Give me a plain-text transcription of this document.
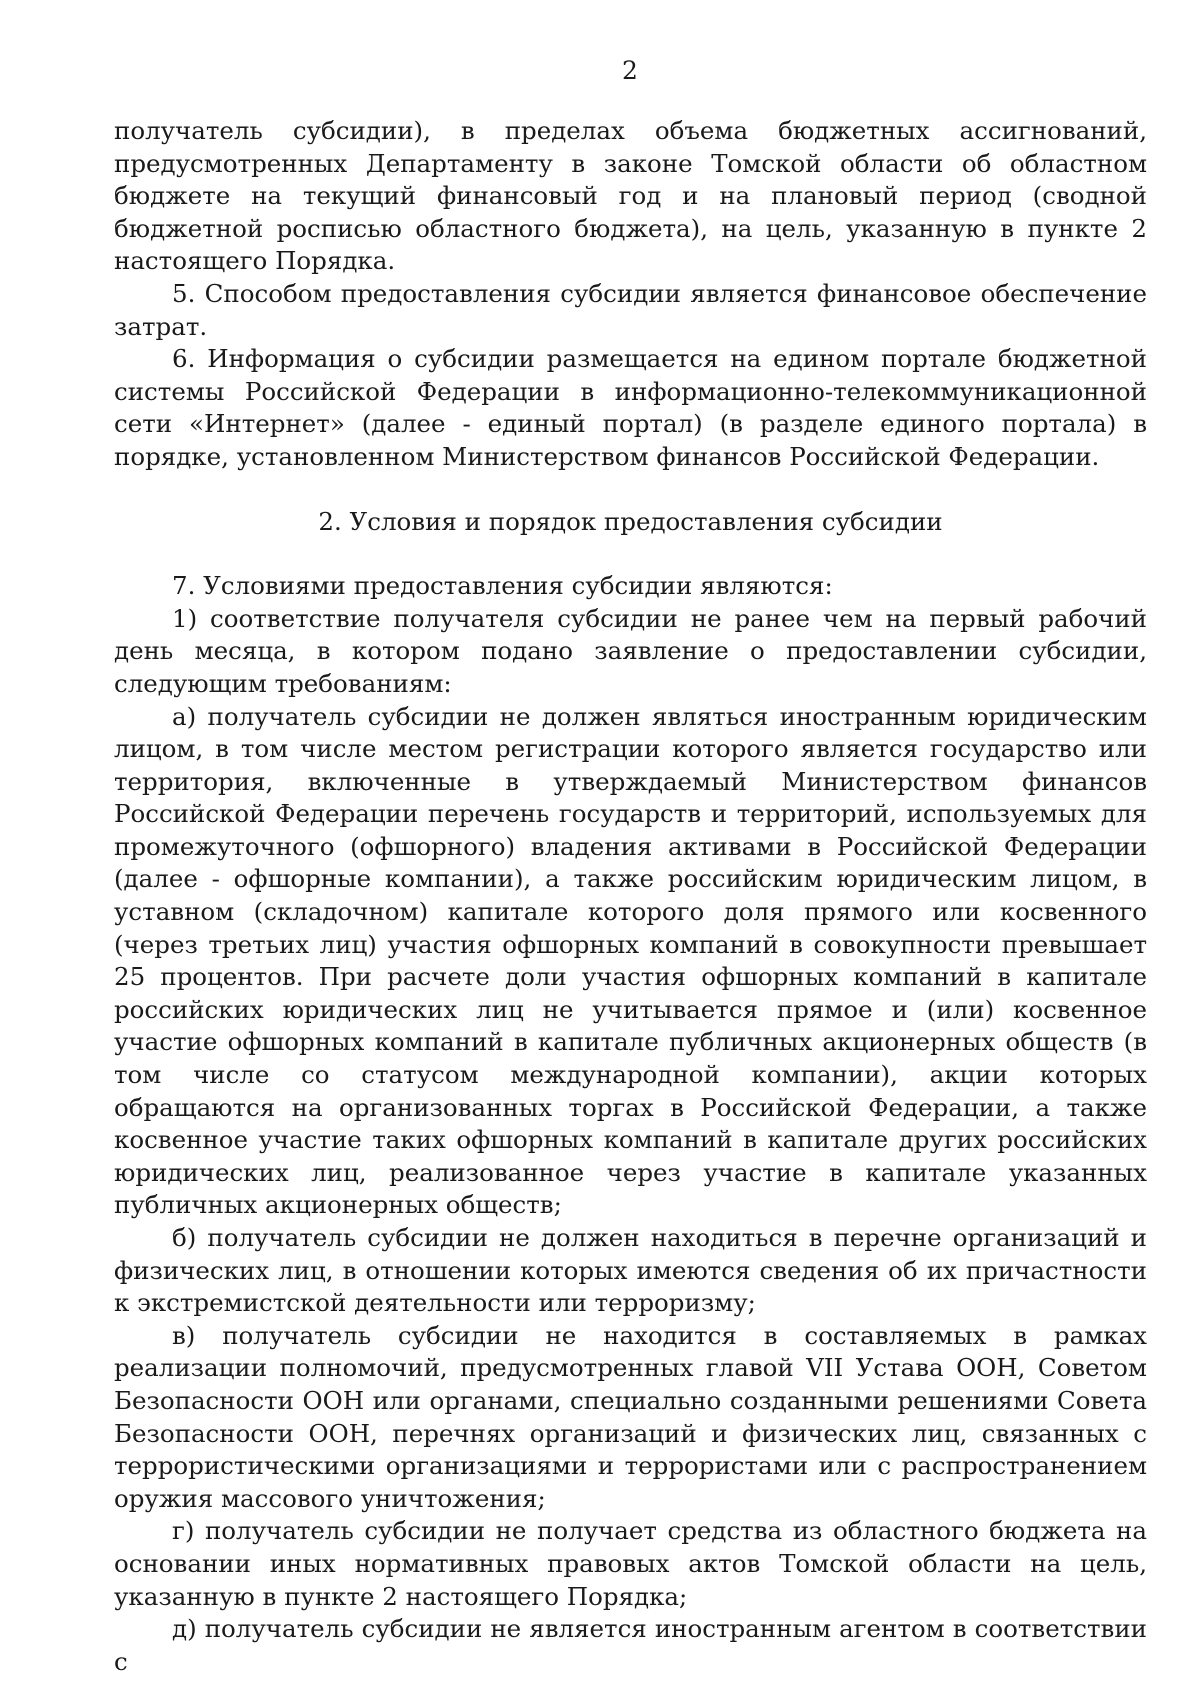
2

получатель субсидии), в пределах объема бюджетных ассигнований, предусмотренных Департаменту в законе Томской области об областном бюджете на текущий финансовый год и на плановый период (сводной бюджетной росписью областного бюджета), на цель, указанную в пункте 2 настоящего Порядка.

5. Способом предоставления субсидии является финансовое обеспечение затрат.

6. Информация о субсидии размещается на едином портале бюджетной системы Российской Федерации в информационно-телекоммуникационной сети «Интернет» (далее - единый портал) (в разделе единого портала) в порядке, установленном Министерством финансов Российской Федерации.

2. Условия и порядок предоставления субсидии

7. Условиями предоставления субсидии являются:

1) соответствие получателя субсидии не ранее чем на первый рабочий день месяца, в котором подано заявление о предоставлении субсидии, следующим требованиям:

а) получатель субсидии не должен являться иностранным юридическим лицом, в том числе местом регистрации которого является государство или территория, включенные в утверждаемый Министерством финансов Российской Федерации перечень государств и территорий, используемых для промежуточного (офшорного) владения активами в Российской Федерации (далее - офшорные компании), а также российским юридическим лицом, в уставном (складочном) капитале которого доля прямого или косвенного (через третьих лиц) участия офшорных компаний в совокупности превышает 25 процентов. При расчете доли участия офшорных компаний в капитале российских юридических лиц не учитывается прямое и (или) косвенное участие офшорных компаний в капитале публичных акционерных обществ (в том числе со статусом международной компании), акции которых обращаются на организованных торгах в Российской Федерации, а также косвенное участие таких офшорных компаний в капитале других российских юридических лиц, реализованное через участие в капитале указанных публичных акционерных обществ;

б) получатель субсидии не должен находиться в перечне организаций и физических лиц, в отношении которых имеются сведения об их причастности к экстремистской деятельности или терроризму;

в) получатель субсидии не находится в составляемых в рамках реализации полномочий, предусмотренных главой VII Устава ООН, Советом Безопасности ООН или органами, специально созданными решениями Совета Безопасности ООН, перечнях организаций и физических лиц, связанных с террористическими организациями и террористами или с распространением оружия массового уничтожения;

г) получатель субсидии не получает средства из областного бюджета на основании иных нормативных правовых актов Томской области на цель, указанную в пункте 2 настоящего Порядка;

д) получатель субсидии не является иностранным агентом в соответствии с
